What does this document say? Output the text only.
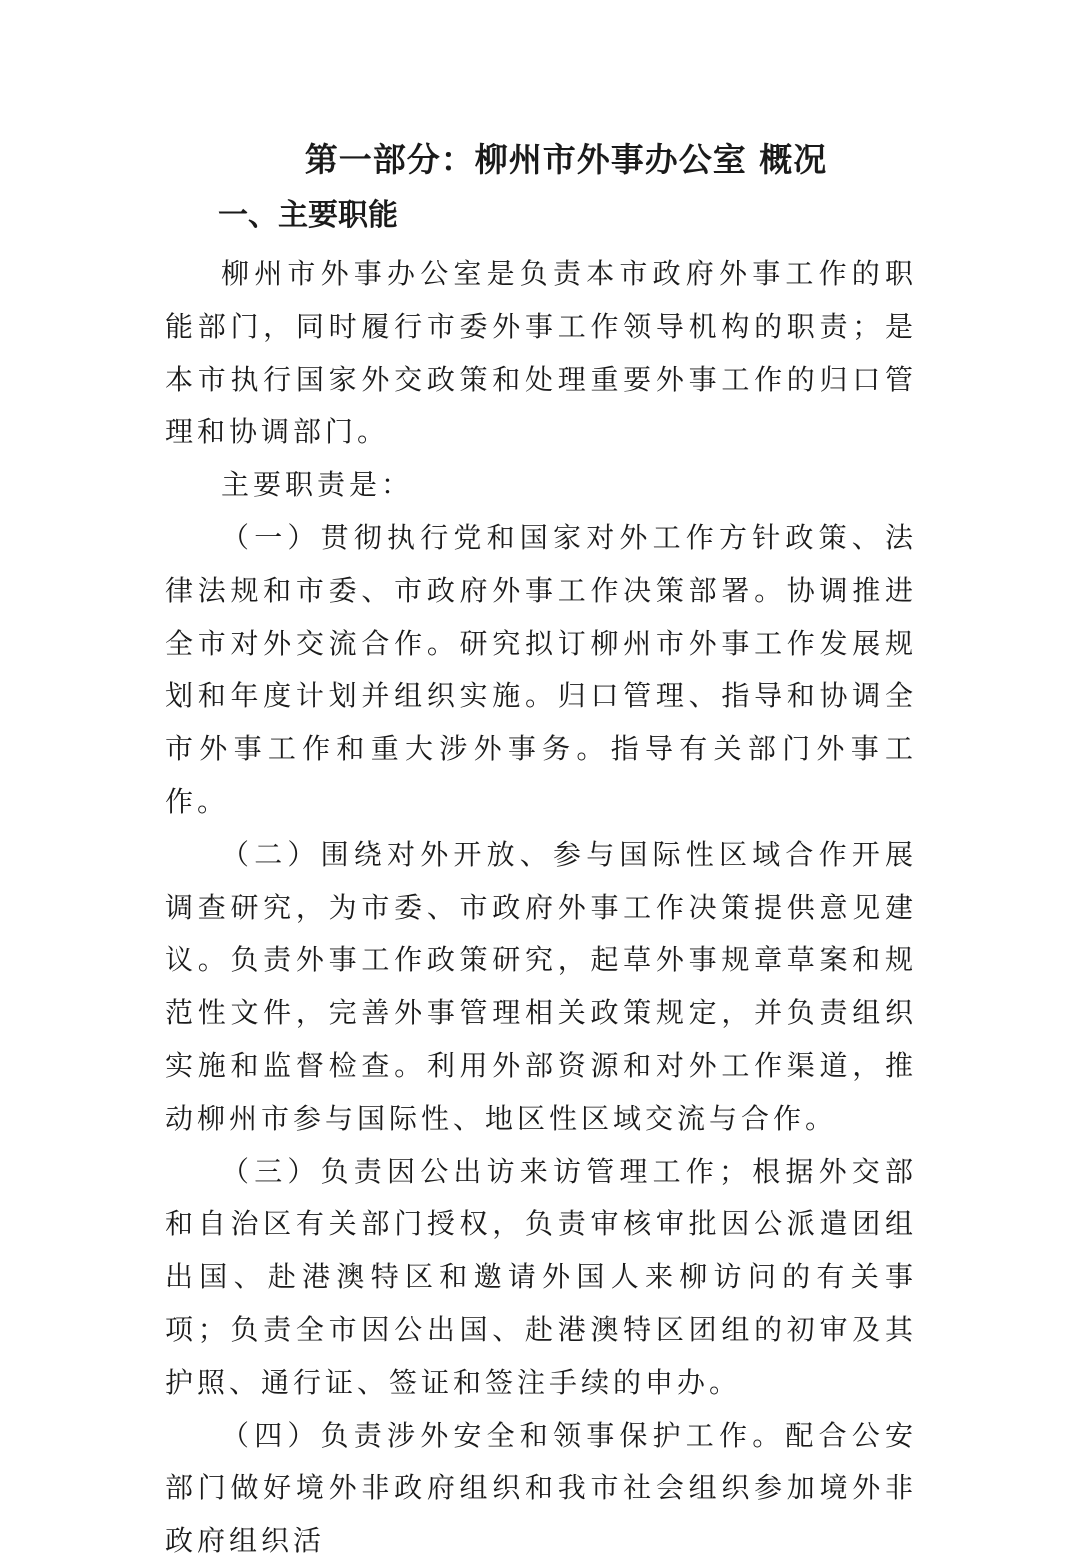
第一部分：柳州市外事办公室 概况
一、主要职能

柳州市外事办公室是负责本市政府外事工作的职能部门，同时履行市委外事工作领导机构的职责；是本市执行国家外交政策和处理重要外事工作的归口管理和协调部门。

主要职责是：

（一）贯彻执行党和国家对外工作方针政策、法律法规和市委、市政府外事工作决策部署。协调推进全市对外交流合作。研究拟订柳州市外事工作发展规划和年度计划并组织实施。归口管理、指导和协调全市外事工作和重大涉外事务。指导有关部门外事工作。

（二）围绕对外开放、参与国际性区域合作开展调查研究，为市委、市政府外事工作决策提供意见建议。负责外事工作政策研究，起草外事规章草案和规范性文件，完善外事管理相关政策规定，并负责组织实施和监督检查。利用外部资源和对外工作渠道，推动柳州市参与国际性、地区性区域交流与合作。

（三）负责因公出访来访管理工作；根据外交部和自治区有关部门授权，负责审核审批因公派遣团组出国、赴港澳特区和邀请外国人来柳访问的有关事项；负责全市因公出国、赴港澳特区团组的初审及其护照、通行证、签证和签注手续的申办。

（四）负责涉外安全和领事保护工作。配合公安部门做好境外非政府组织和我市社会组织参加境外非政府组织活
